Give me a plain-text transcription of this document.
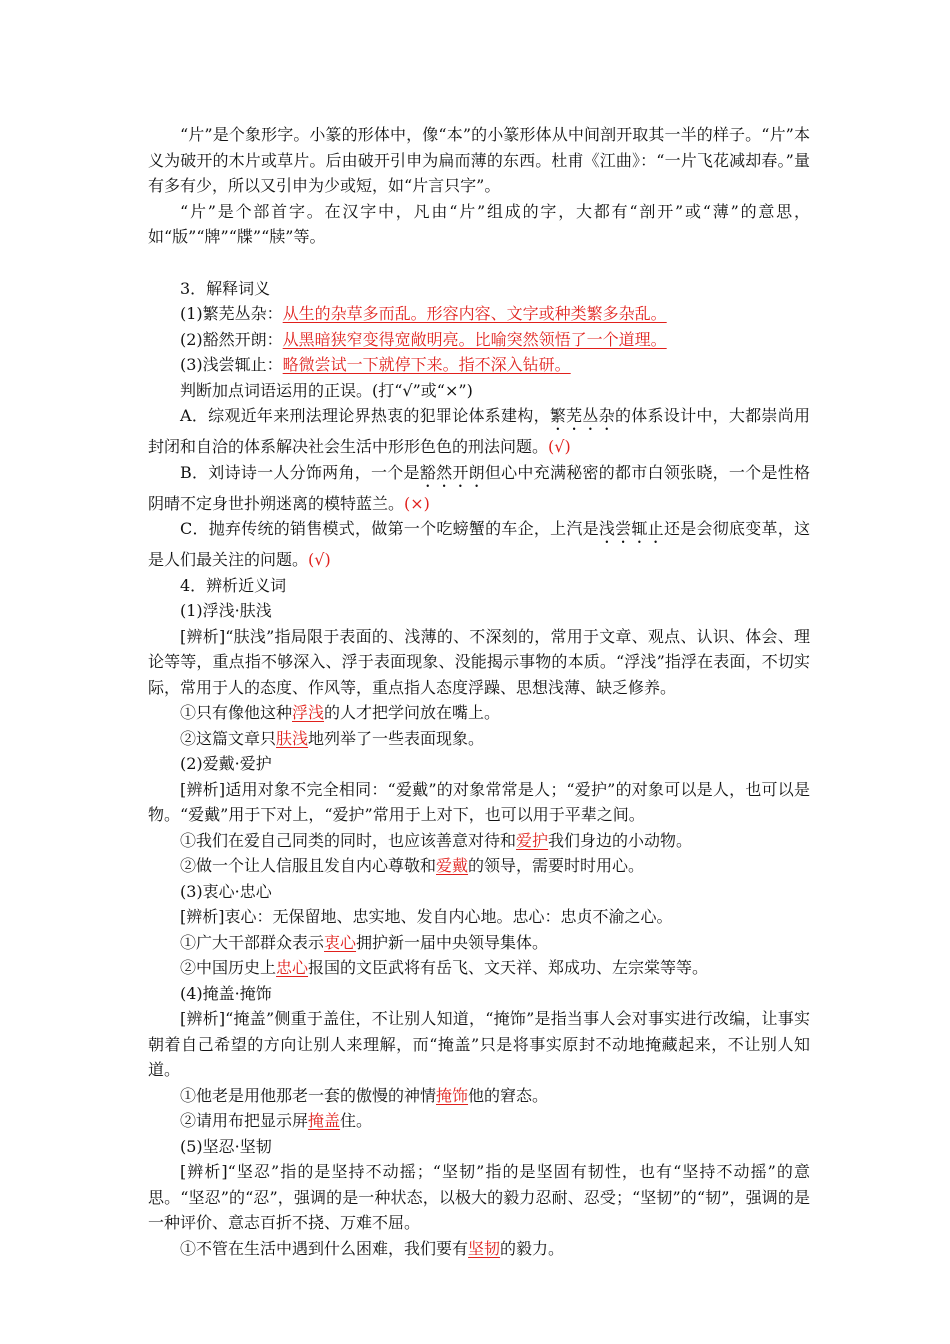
“片”是个象形字。小篆的形体中，像“本”的小篆形体从中间剖开取其一半的样子。“片”本义为破开的木片或草片。后由破开引申为扁而薄的东西。杜甫《江曲》：“一片飞花减却春。”量有多有少，所以又引申为少或短，如“片言只字”。

“片”是个部首字。在汉字中，凡由“片”组成的字，大都有“剖开”或“薄”的意思，如“版”“牌”“牒”“牍”等。

3．解释词义

(1)繁芜丛杂：从生的杂草多而乱。形容内容、文字或种类繁多杂乱。

(2)豁然开朗：从黑暗狭窄变得宽敞明亮。比喻突然领悟了一个道理。

(3)浅尝辄止：略微尝试一下就停下来。指不深入钻研。

判断加点词语运用的正误。(打“√”或“×”)

A．综观近年来刑法理论界热衷的犯罪论体系建构，繁芜丛杂的体系设计中，大都崇尚用封闭和自洽的体系解决社会生活中形形色色的刑法问题。(√)

B．刘诗诗一人分饰两角，一个是豁然开朗但心中充满秘密的都市白领张晓，一个是性格阴晴不定身世扑朔迷离的模特蓝兰。(×)

C．抛弃传统的销售模式，做第一个吃螃蟹的车企，上汽是浅尝辄止还是会彻底变革，这是人们最关注的问题。(√)

4．辨析近义词

(1)浮浅·肤浅

[辨析]“肤浅”指局限于表面的、浅薄的、不深刻的，常用于文章、观点、认识、体会、理论等等，重点指不够深入、浮于表面现象、没能揭示事物的本质。“浮浅”指浮在表面，不切实际，常用于人的态度、作风等，重点指人态度浮躁、思想浅薄、缺乏修养。

①只有像他这种浮浅的人才把学问放在嘴上。

②这篇文章只肤浅地列举了一些表面现象。

(2)爱戴·爱护

[辨析]适用对象不完全相同：“爱戴”的对象常常是人；“爱护”的对象可以是人，也可以是物。“爱戴”用于下对上，“爱护”常用于上对下，也可以用于平辈之间。

①我们在爱自己同类的同时，也应该善意对待和爱护我们身边的小动物。

②做一个让人信服且发自内心尊敬和爱戴的领导，需要时时用心。

(3)衷心·忠心

[辨析]衷心：无保留地、忠实地、发自内心地。忠心：忠贞不渝之心。

①广大干部群众表示衷心拥护新一届中央领导集体。

②中国历史上忠心报国的文臣武将有岳飞、文天祥、郑成功、左宗棠等等。

(4)掩盖·掩饰

[辨析]“掩盖”侧重于盖住，不让别人知道，“掩饰”是指当事人会对事实进行改编，让事实朝着自己希望的方向让别人来理解，而“掩盖”只是将事实原封不动地掩藏起来，不让别人知道。

①他老是用他那老一套的傲慢的神情掩饰他的窘态。

②请用布把显示屏掩盖住。

(5)坚忍·坚韧

[辨析]“坚忍”指的是坚持不动摇；“坚韧”指的是坚固有韧性，也有“坚持不动摇”的意思。“坚忍”的“忍”，强调的是一种状态，以极大的毅力忍耐、忍受；“坚韧”的“韧”，强调的是一种评价、意志百折不挠、万难不屈。

①不管在生活中遇到什么困难，我们要有坚韧的毅力。
